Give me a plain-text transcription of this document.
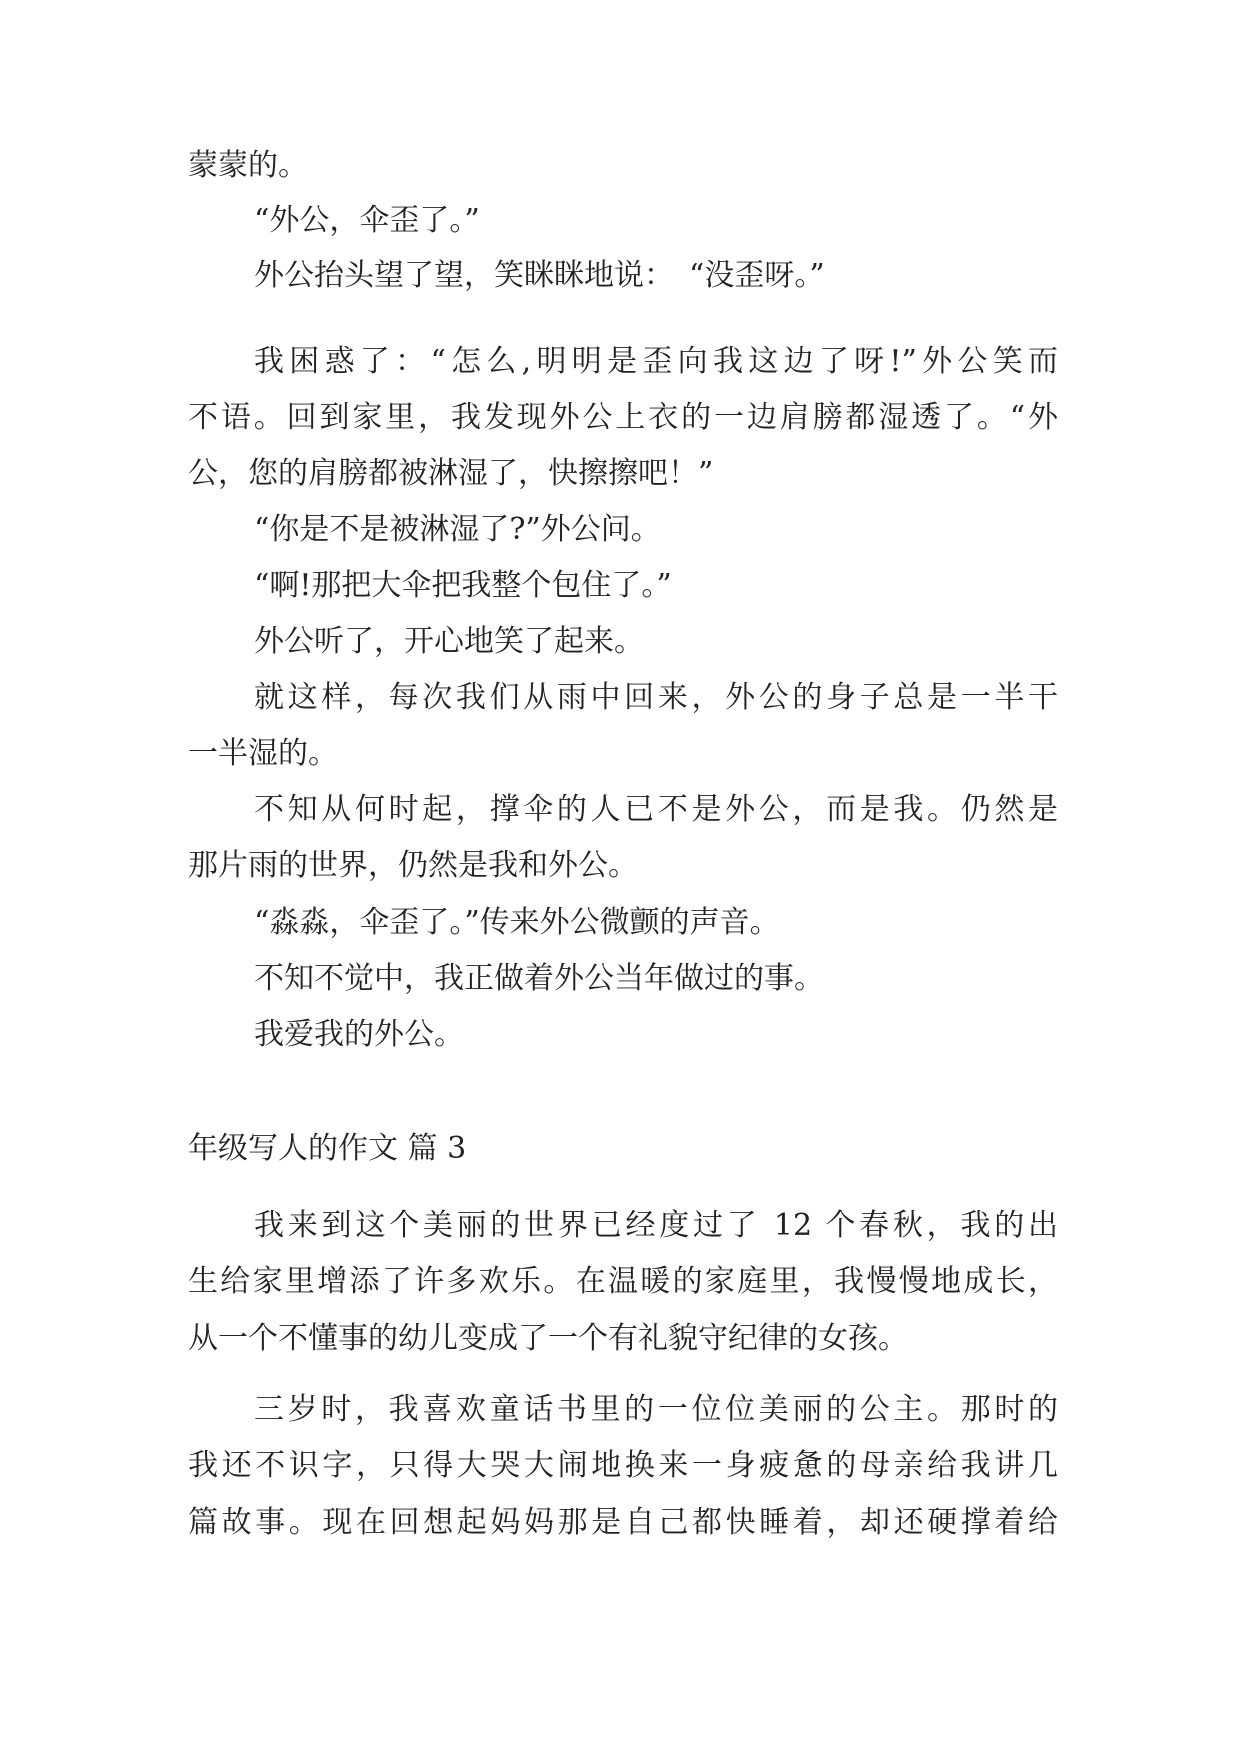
蒙蒙的。
“外公，伞歪了。”
外公抬头望了望，笑眯眯地说：　“没歪呀。”
我困惑了：“怎么,明明是歪向我这边了呀!”外公笑而
不语。回到家里，我发现外公上衣的一边肩膀都湿透了。“外
公，您的肩膀都被淋湿了，快擦擦吧！”
“你是不是被淋湿了?”外公问。
“啊!那把大伞把我整个包住了。”
外公听了，开心地笑了起来。
就这样，每次我们从雨中回来，外公的身子总是一半干
一半湿的。
不知从何时起，撑伞的人已不是外公，而是我。仍然是
那片雨的世界，仍然是我和外公。
“淼淼，伞歪了。”传来外公微颤的声音。
不知不觉中，我正做着外公当年做过的事。
我爱我的外公。
年级写人的作文 篇 3
我来到这个美丽的世界已经度过了 12 个春秋，我的出
生给家里增添了许多欢乐。在温暖的家庭里，我慢慢地成长，
从一个不懂事的幼儿变成了一个有礼貌守纪律的女孩。
三岁时，我喜欢童话书里的一位位美丽的公主。那时的
我还不识字，只得大哭大闹地换来一身疲惫的母亲给我讲几
篇故事。现在回想起妈妈那是自己都快睡着，却还硬撑着给
